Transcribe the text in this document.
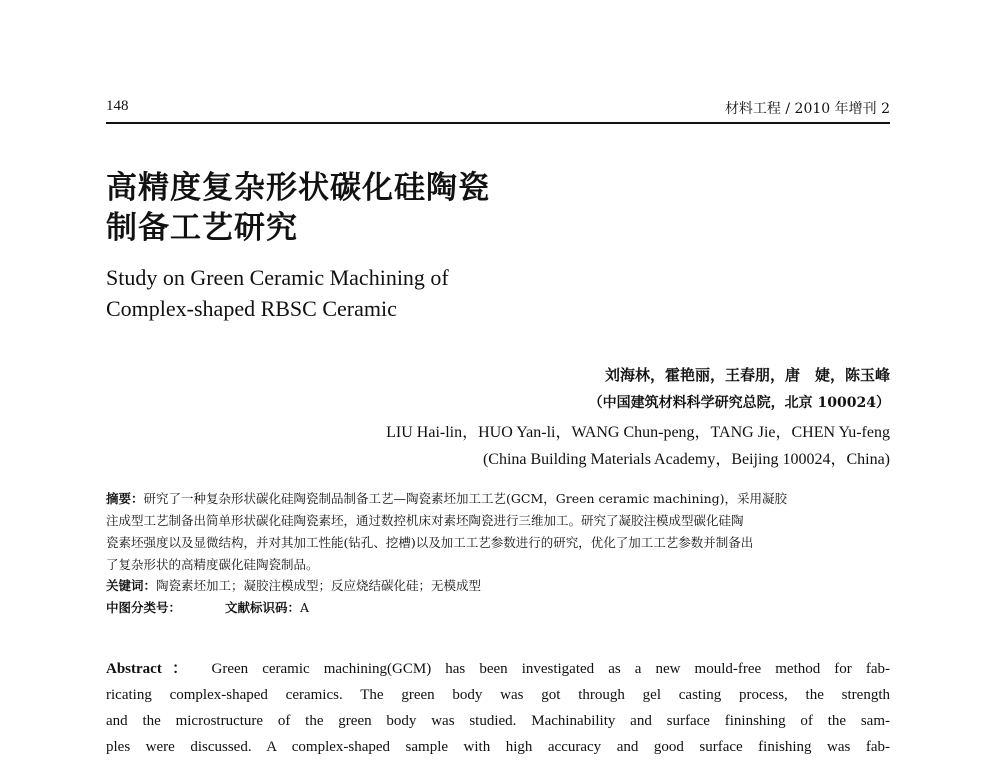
148	材料工程 / 2010 年增刊 2
高精度复杂形状碳化硅陶瓷
制备工艺研究
Study on Green Ceramic Machining of
Complex-shaped RBSC Ceramic
刘海林，霍艳丽，王春朋，唐　婕，陈玉峰
（中国建筑材料科学研究总院，北京 100024）
LIU Hai-lin，HUO Yan-li，WANG Chun-peng，TANG Jie，CHEN Yu-feng
(China Building Materials Academy，Beijing 100024，China)
摘要：研究了一种复杂形状碳化硅陶瓷制品制备工艺—陶瓷素坯加工工艺(GCM，Green ceramic machining)，采用凝胶
注成型工艺制备出简单形状碳化硅陶瓷素坯，通过数控机床对素坯陶瓷进行三维加工。研究了凝胶注模成型碳化硅陶
瓷素坯强度以及显微结构，并对其加工性能(钻孔、挖槽)以及加工工艺参数进行的研究，优化了加工工艺参数并制备出
了复杂形状的高精度碳化硅陶瓷制品。
关键词：陶瓷素坯加工；凝胶注模成型；反应烧结碳化硅；无模成型
中图分类号：	文献标识码：A
Abstract： Green ceramic machining(GCM) has been investigated as a new mould-free method for fab-
ricating complex-shaped ceramics. The green body was got through gel casting process, the strength
and the microstructure of the green body was studied. Machinability and surface fininshing of the sam-
ples were discussed. A complex-shaped sample with high accuracy and good surface finishing was fab-
